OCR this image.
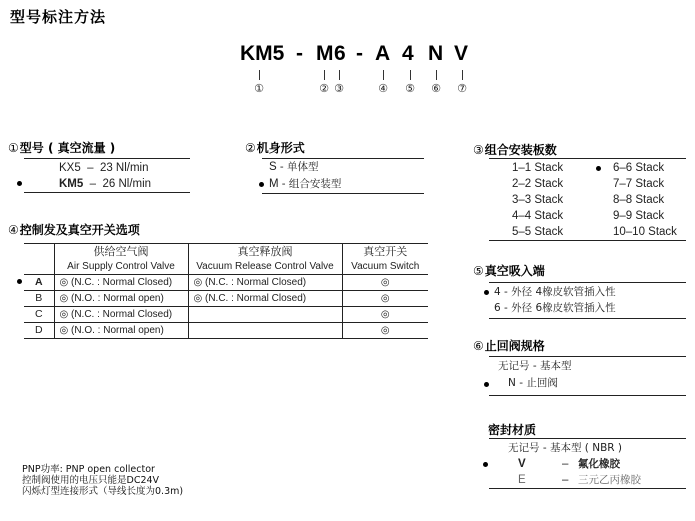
型号标注方法
KM5 - M 6 - A 4 N V
①	② ③	④ ⑤ ⑥ ⑦
①型号 ( 真空流量 )
KX5 – 23 Nl/min
KM5 – 26 Nl/min
②机身形式
S - 单体型
M - 组合安装型
③组合安装板数
1–1 Stack
2–2 Stack
3–3 Stack
4–4 Stack
5–5 Stack
6–6 Stack
7–7 Stack
8–8 Stack
9–9 Stack
10–10 Stack
④控制发及真空开关选项

	供给空气阀
Air Supply Control Valve	真空释放阀
Vacuum Release Control Valve	真空开关
Vacuum Switch
A	◎ (N.C. : Normal Closed)	◎ (N.C. : Normal Closed)	◎
B	◎ (N.O. : Normal open)	◎ (N.C. : Normal Closed)	◎
C	◎ (N.C. : Normal Closed)		◎
D	◎ (N.O. : Normal open)		◎
⑤真空吸入端
4 - 外径 4橡皮软管插入性
6 - 外径 6橡皮软管插入性
⑥止回阀规格
无记号 - 基本型
N - 止回阀
密封材质
无记号 - 基本型 ( NBR )
V	– 氟化橡胶
E	– 三元乙丙橡胶
PNP功率: PNP open collector
控制阀使用的电压只能是DC24V
闪烁灯型连接形式（导线长度为0.3m)
